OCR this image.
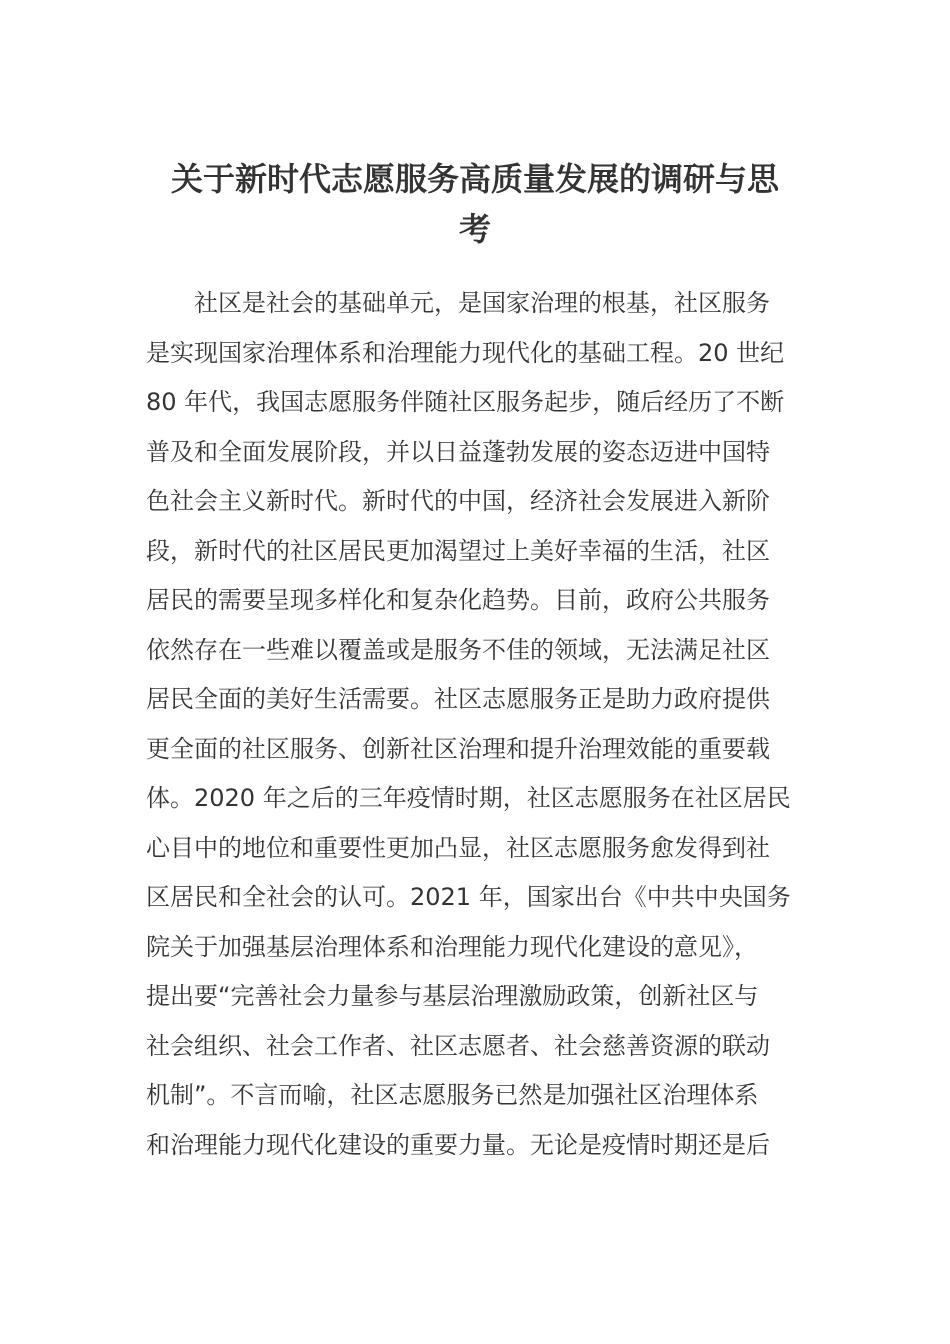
关于新时代志愿服务高质量发展的调研与思
考
社区是社会的基础单元，是国家治理的根基，社区服务
是实现国家治理体系和治理能力现代化的基础工程。20 世纪
80 年代，我国志愿服务伴随社区服务起步，随后经历了不断
普及和全面发展阶段，并以日益蓬勃发展的姿态迈进中国特
色社会主义新时代。新时代的中国，经济社会发展进入新阶
段，新时代的社区居民更加渴望过上美好幸福的生活，社区
居民的需要呈现多样化和复杂化趋势。目前，政府公共服务
依然存在一些难以覆盖或是服务不佳的领域，无法满足社区
居民全面的美好生活需要。社区志愿服务正是助力政府提供
更全面的社区服务、创新社区治理和提升治理效能的重要载
体。2020 年之后的三年疫情时期，社区志愿服务在社区居民
心目中的地位和重要性更加凸显，社区志愿服务愈发得到社
区居民和全社会的认可。2021 年，国家出台《中共中央国务
院关于加强基层治理体系和治理能力现代化建设的意见》，
提出要“完善社会力量参与基层治理激励政策，创新社区与
社会组织、社会工作者、社区志愿者、社会慈善资源的联动
机制”。不言而喻，社区志愿服务已然是加强社区治理体系
和治理能力现代化建设的重要力量。无论是疫情时期还是后
